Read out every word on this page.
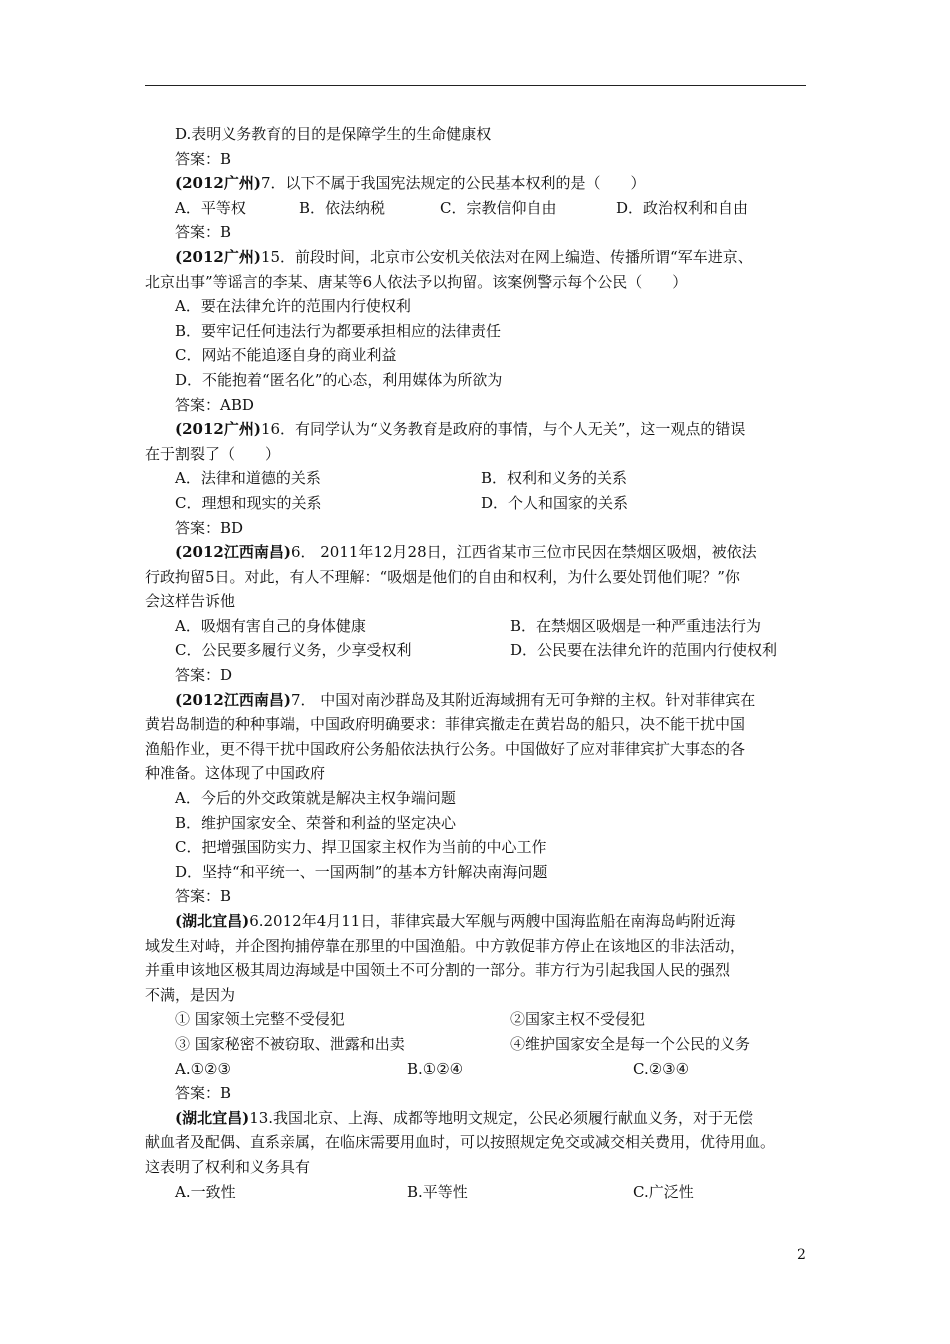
D.表明义务教育的目的是保障学生的生命健康权
答案：B
(2012广州)7．以下不属于我国宪法规定的公民基本权利的是（　　）
A．平等权	B．依法纳税	C．宗教信仰自由	D．政治权利和自由
答案：B
(2012广州)15．前段时间，北京市公安机关依法对在网上编造、传播所谓“军车进京、
北京出事”等谣言的李某、唐某等6人依法予以拘留。该案例警示每个公民（　　）
A．要在法律允许的范围内行使权利
B．要牢记任何违法行为都要承担相应的法律责任
C．网站不能追逐自身的商业利益
D．不能抱着“匿名化”的心态，利用媒体为所欲为
答案：ABD
(2012广州)16．有同学认为“义务教育是政府的事情，与个人无关”，这一观点的错误
在于割裂了（　　）
A．法律和道德的关系	B．权利和义务的关系
C．理想和现实的关系	D．个人和国家的关系
答案：BD
(2012江西南昌)6． 2011年12月28日，江西省某市三位市民因在禁烟区吸烟，被依法
行政拘留5日。对此，有人不理解：“吸烟是他们的自由和权利，为什么要处罚他们呢？”你
会这样告诉他
A．吸烟有害自己的身体健康	B．在禁烟区吸烟是一种严重违法行为
C．公民要多履行义务，少享受权利	D．公民要在法律允许的范围内行使权利
答案：D
(2012江西南昌)7． 中国对南沙群岛及其附近海域拥有无可争辩的主权。针对菲律宾在
黄岩岛制造的种种事端，中国政府明确要求：菲律宾撤走在黄岩岛的船只，决不能干扰中国
渔船作业，更不得干扰中国政府公务船依法执行公务。中国做好了应对菲律宾扩大事态的各
种准备。这体现了中国政府
A．今后的外交政策就是解决主权争端问题
B．维护国家安全、荣誉和利益的坚定决心
C．把增强国防实力、捍卫国家主权作为当前的中心工作
D．坚持“和平统一、一国两制”的基本方针解决南海问题
答案：B
(湖北宜昌)6.2012年4月11日，菲律宾最大军舰与两艘中国海监船在南海岛屿附近海
域发生对峙，并企图拘捕停靠在那里的中国渔船。中方敦促菲方停止在该地区的非法活动，
并重申该地区极其周边海域是中国领土不可分割的一部分。菲方行为引起我国人民的强烈
不满，是因为
① 国家领土完整不受侵犯	②国家主权不受侵犯
③ 国家秘密不被窃取、泄露和出卖	④维护国家安全是每一个公民的义务
A.①②③	B.①②④	C.②③④
答案：B
(湖北宜昌)13.我国北京、上海、成都等地明文规定，公民必须履行献血义务，对于无偿
献血者及配偶、直系亲属，在临床需要用血时，可以按照规定免交或减交相关费用，优待用血。
这表明了权利和义务具有
A.一致性	B.平等性	C.广泛性
2
